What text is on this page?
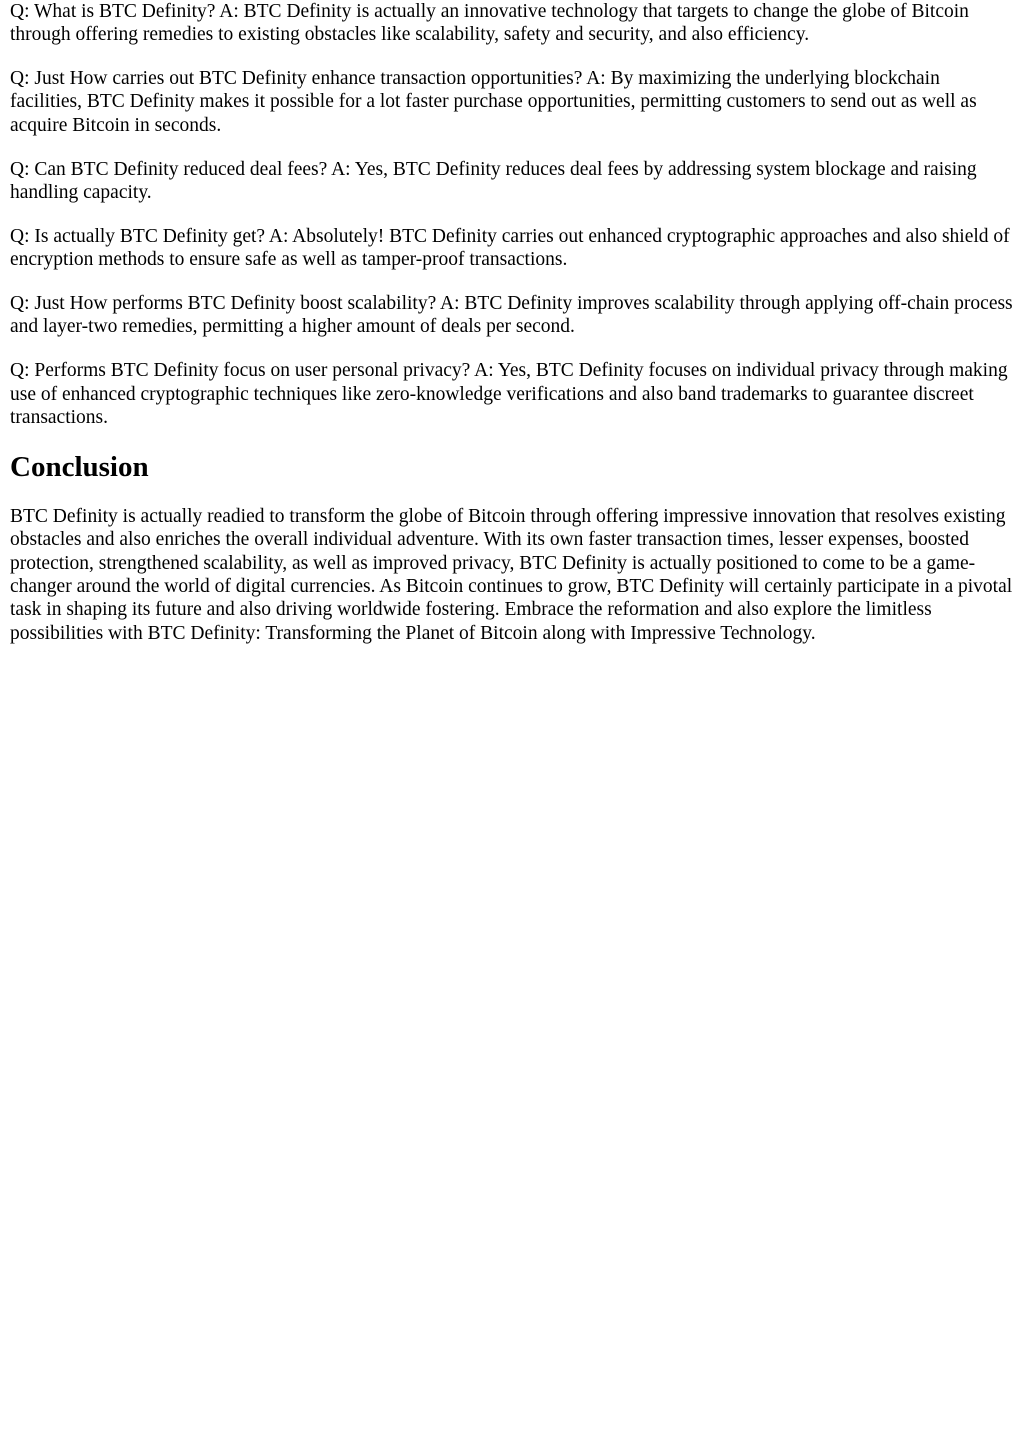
Q: What is BTC Definity? A: BTC Definity is actually an innovative technology that targets to change the globe of Bitcoin through offering remedies to existing obstacles like scalability, safety and security, and also efficiency.

Q: Just How carries out BTC Definity enhance transaction opportunities? A: By maximizing the underlying blockchain facilities, BTC Definity makes it possible for a lot faster purchase opportunities, permitting customers to send out as well as acquire Bitcoin in seconds.

Q: Can BTC Definity reduced deal fees? A: Yes, BTC Definity reduces deal fees by addressing system blockage and raising handling capacity.

Q: Is actually BTC Definity get? A: Absolutely! BTC Definity carries out enhanced cryptographic approaches and also shield of encryption methods to ensure safe as well as tamper-proof transactions.

Q: Just How performs BTC Definity boost scalability? A: BTC Definity improves scalability through applying off-chain process and layer-two remedies, permitting a higher amount of deals per second.

Q: Performs BTC Definity focus on user personal privacy? A: Yes, BTC Definity focuses on individual privacy through making use of enhanced cryptographic techniques like zero-knowledge verifications and also band trademarks to guarantee discreet transactions.

Conclusion

BTC Definity is actually readied to transform the globe of Bitcoin through offering impressive innovation that resolves existing obstacles and also enriches the overall individual adventure. With its own faster transaction times, lesser expenses, boosted protection, strengthened scalability, as well as improved privacy, BTC Definity is actually positioned to come to be a game-changer around the world of digital currencies. As Bitcoin continues to grow, BTC Definity will certainly participate in a pivotal task in shaping its future and also driving worldwide fostering. Embrace the reformation and also explore the limitless possibilities with BTC Definity: Transforming the Planet of Bitcoin along with Impressive Technology.
